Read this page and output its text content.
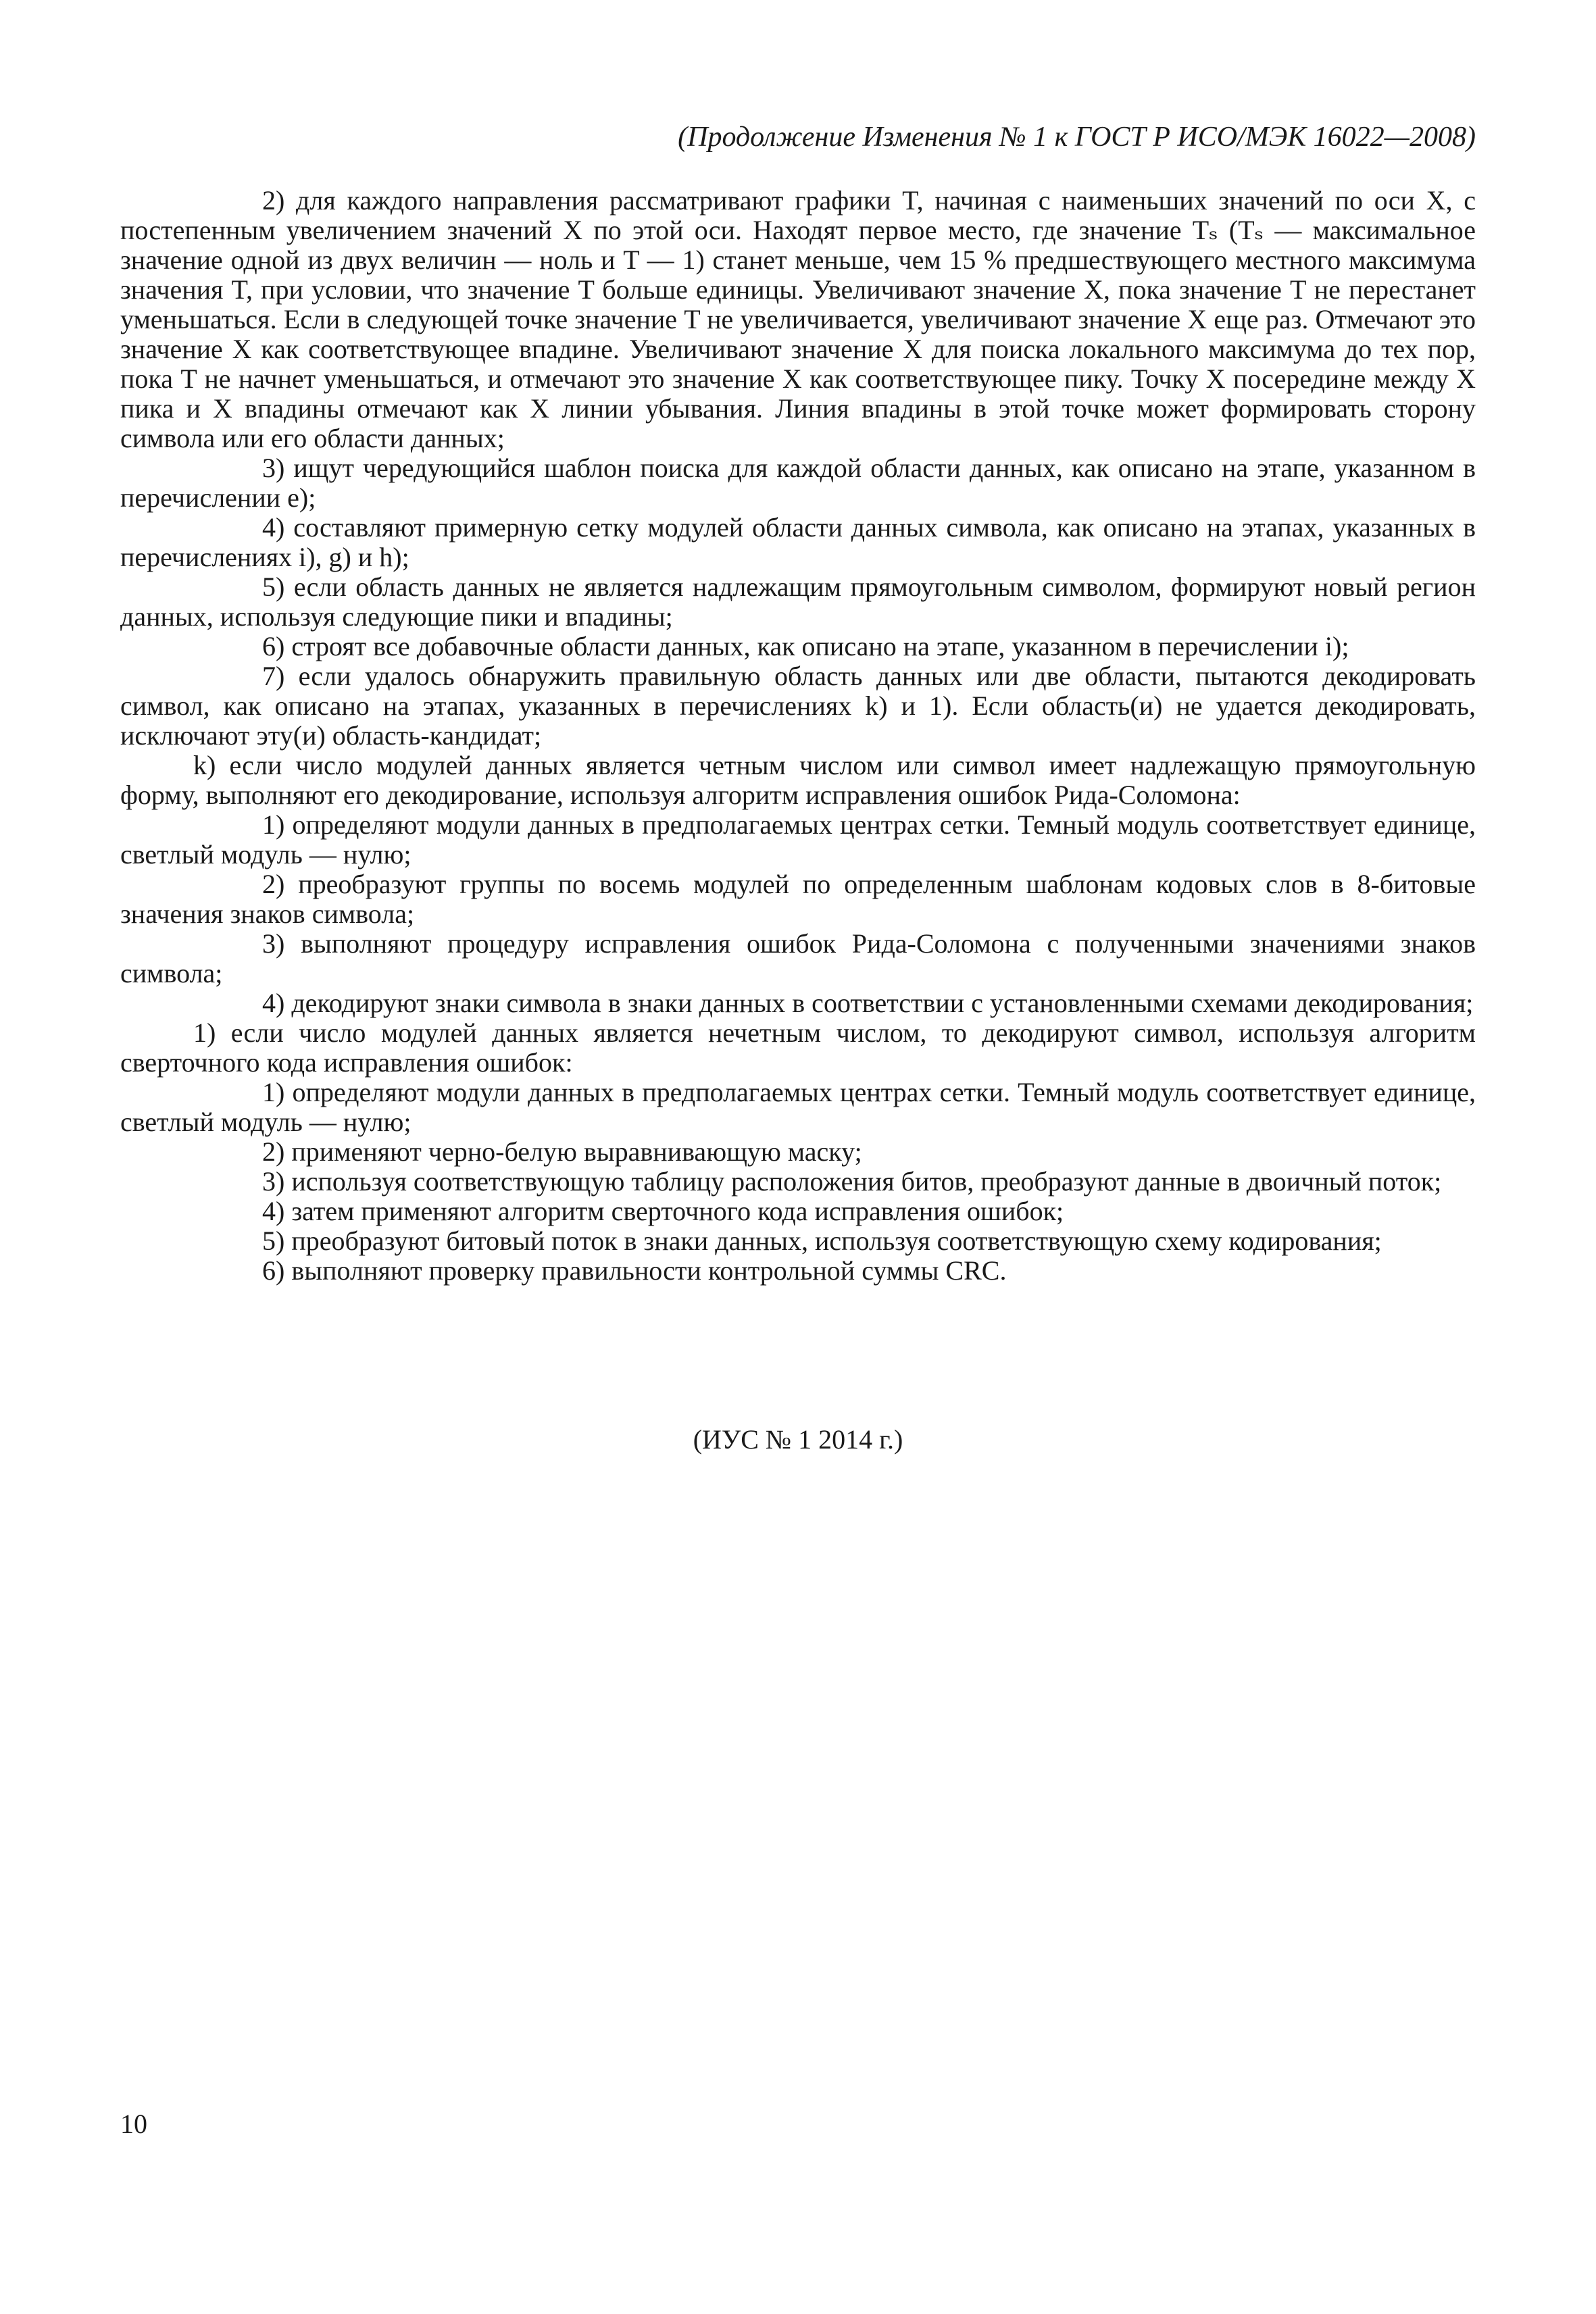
(Продолжение Изменения № 1 к ГОСТ Р ИСО/МЭК 16022—2008)

2) для каждого направления рассматривают графики T, начиная с наименьших значений по оси X, с постепенным увеличением значений X по этой оси. Находят первое место, где значение Tₛ (Tₛ — максимальное значение одной из двух величин — ноль и T — 1) станет меньше, чем 15 % предшествующего местного максимума значения T, при условии, что значение T больше единицы. Увеличивают значение X, пока значение T не перестанет уменьшаться. Если в следующей точке значение T не увеличивается, увеличивают значение X еще раз. Отмечают это значение X как соответствующее впадине. Увеличивают значение X для поиска локального максимума до тех пор, пока T не начнет уменьшаться, и отмечают это значение X как соответствующее пику. Точку X посередине между X пика и X впадины отмечают как X линии убывания. Линия впадины в этой точке может формировать сторону символа или его области данных;

3) ищут чередующийся шаблон поиска для каждой области данных, как описано на этапе, указанном в перечислении e);

4) составляют примерную сетку модулей области данных символа, как описано на этапах, указанных в перечислениях i), g) и h);

5) если область данных не является надлежащим прямоугольным символом, формируют новый регион данных, используя следующие пики и впадины;

6) строят все добавочные области данных, как описано на этапе, указанном в перечислении i);

7) если удалось обнаружить правильную область данных или две области, пытаются декодировать символ, как описано на этапах, указанных в перечислениях k) и 1). Если область(и) не удается декодировать, исключают эту(и) область-кандидат;

k) если число модулей данных является четным числом или символ имеет надлежащую прямоугольную форму, выполняют его декодирование, используя алгоритм исправления ошибок Рида-Соломона:

1) определяют модули данных в предполагаемых центрах сетки. Темный модуль соответствует единице, светлый модуль — нулю;

2) преобразуют группы по восемь модулей по определенным шаблонам кодовых слов в 8-битовые значения знаков символа;

3) выполняют процедуру исправления ошибок Рида-Соломона с полученными значениями знаков символа;

4) декодируют знаки символа в знаки данных в соответствии с установленными схемами декодирования;

1) если число модулей данных является нечетным числом, то декодируют символ, используя алгоритм сверточного кода исправления ошибок:

1) определяют модули данных в предполагаемых центрах сетки. Темный модуль соответствует единице, светлый модуль — нулю;

2) применяют черно-белую выравнивающую маску;

3) используя соответствующую таблицу расположения битов, преобразуют данные в двоичный поток;

4) затем применяют алгоритм сверточного кода исправления ошибок;

5) преобразуют битовый поток в знаки данных, используя соответствующую схему кодирования;

6) выполняют проверку правильности контрольной суммы CRC.

(ИУС № 1 2014 г.)
10
